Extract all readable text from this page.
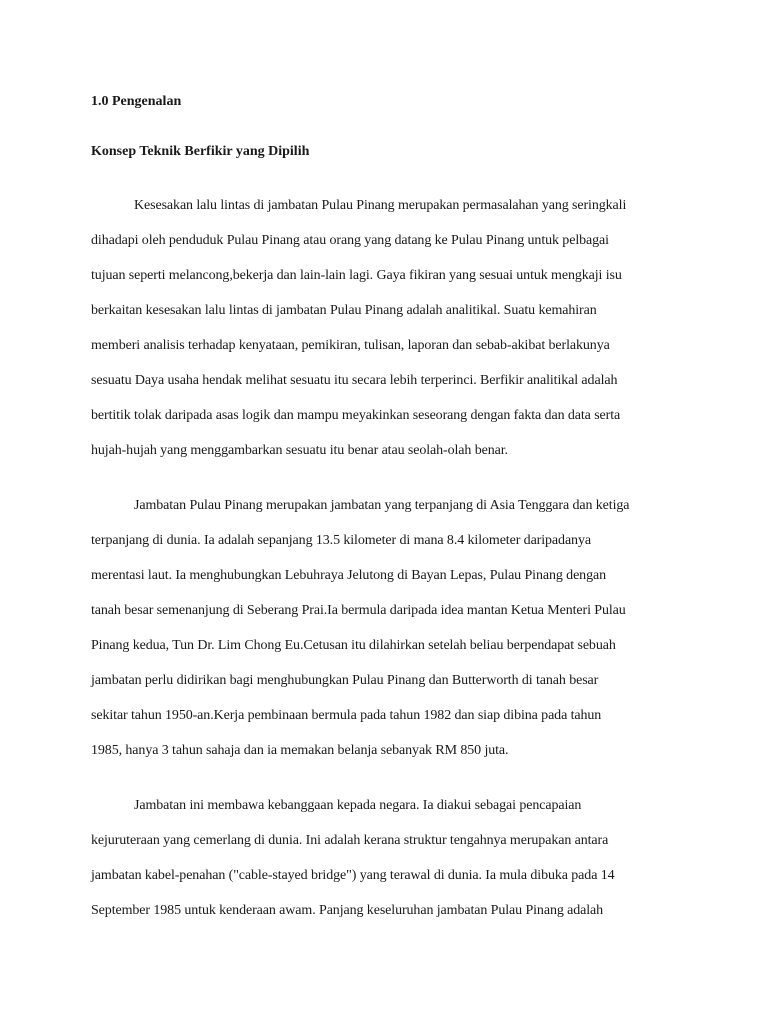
1.0 Pengenalan

Konsep Teknik Berfikir yang Dipilih

Kesesakan lalu lintas di jambatan Pulau Pinang merupakan permasalahan yang seringkali
dihadapi oleh penduduk Pulau Pinang atau orang yang datang ke Pulau Pinang untuk pelbagai
tujuan seperti melancong,bekerja dan lain-lain lagi. Gaya fikiran yang sesuai untuk mengkaji isu
berkaitan kesesakan lalu lintas di jambatan Pulau Pinang adalah analitikal. Suatu kemahiran
memberi analisis terhadap kenyataan, pemikiran, tulisan, laporan dan sebab-akibat berlakunya
sesuatu Daya usaha hendak melihat sesuatu itu secara lebih terperinci. Berfikir analitikal adalah
bertitik tolak daripada asas logik dan mampu meyakinkan seseorang dengan fakta dan data serta
hujah-hujah yang menggambarkan sesuatu itu benar atau seolah-olah benar.
Jambatan Pulau Pinang merupakan jambatan yang terpanjang di Asia Tenggara dan ketiga
terpanjang di dunia. Ia adalah sepanjang 13.5 kilometer di mana 8.4 kilometer daripadanya
merentasi laut. Ia menghubungkan Lebuhraya Jelutong di Bayan Lepas, Pulau Pinang dengan
tanah besar semenanjung di Seberang Prai.Ia bermula daripada idea mantan Ketua Menteri Pulau
Pinang kedua, Tun Dr. Lim Chong Eu.Cetusan itu dilahirkan setelah beliau berpendapat sebuah
jambatan perlu didirikan bagi menghubungkan Pulau Pinang dan Butterworth di tanah besar
sekitar tahun 1950-an.Kerja pembinaan bermula pada tahun 1982 dan siap dibina pada tahun
1985, hanya 3 tahun sahaja dan ia memakan belanja sebanyak RM 850 juta.
Jambatan ini membawa kebanggaan kepada negara. Ia diakui sebagai pencapaian
kejuruteraan yang cemerlang di dunia. Ini adalah kerana struktur tengahnya merupakan antara
jambatan kabel-penahan ("cable-stayed bridge") yang terawal di dunia. Ia mula dibuka pada 14
September 1985 untuk kenderaan awam. Panjang keseluruhan jambatan Pulau Pinang adalah
